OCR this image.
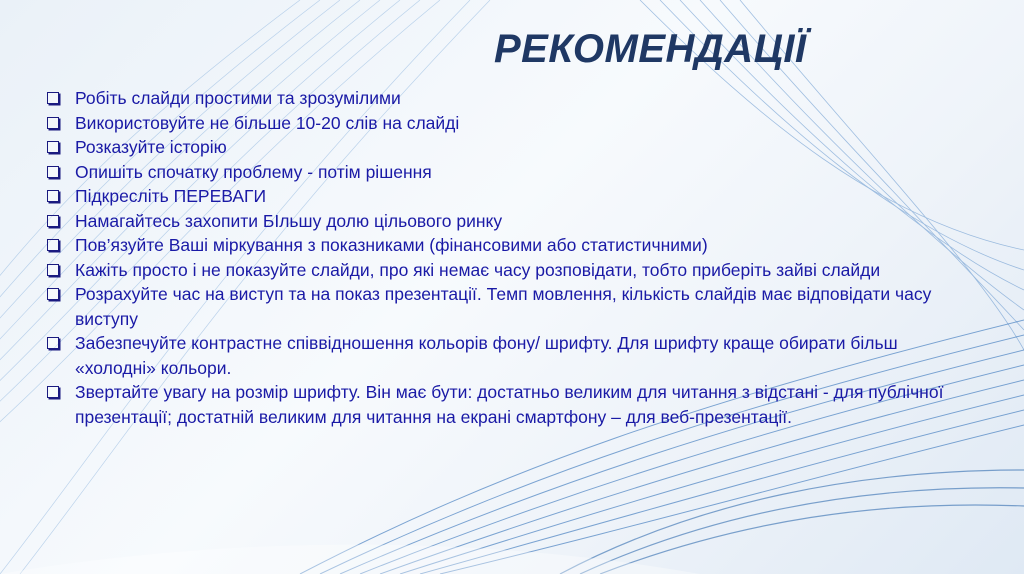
РЕКОМЕНДАЦІЇ
Робіть слайди простими та зрозумілими
Використовуйте не більше 10-20 слів на слайді
Розказуйте історію
Опишіть спочатку проблему - потім рішення
Підкресліть ПЕРЕВАГИ
Намагайтесь захопити БІльшу долю цільового ринку
Пов’язуйте Ваші міркування з показниками (фінансовими або статистичними)
Кажіть просто і не показуйте слайди, про які немає часу розповідати, тобто приберіть зайві слайди
Розрахуйте час на виступ та на показ презентації. Темп мовлення, кількість слайдів має відповідати часу виступу
Забезпечуйте контрастне співвідношення кольорів фону/ шрифту. Для шрифту краще обирати більш «холодні» кольори.
Звертайте увагу на розмір шрифту. Він має бути: достатньо великим для читання з відстані - для публічної презентації; достатній великим для читання на екрані смартфону – для веб-презентації.
